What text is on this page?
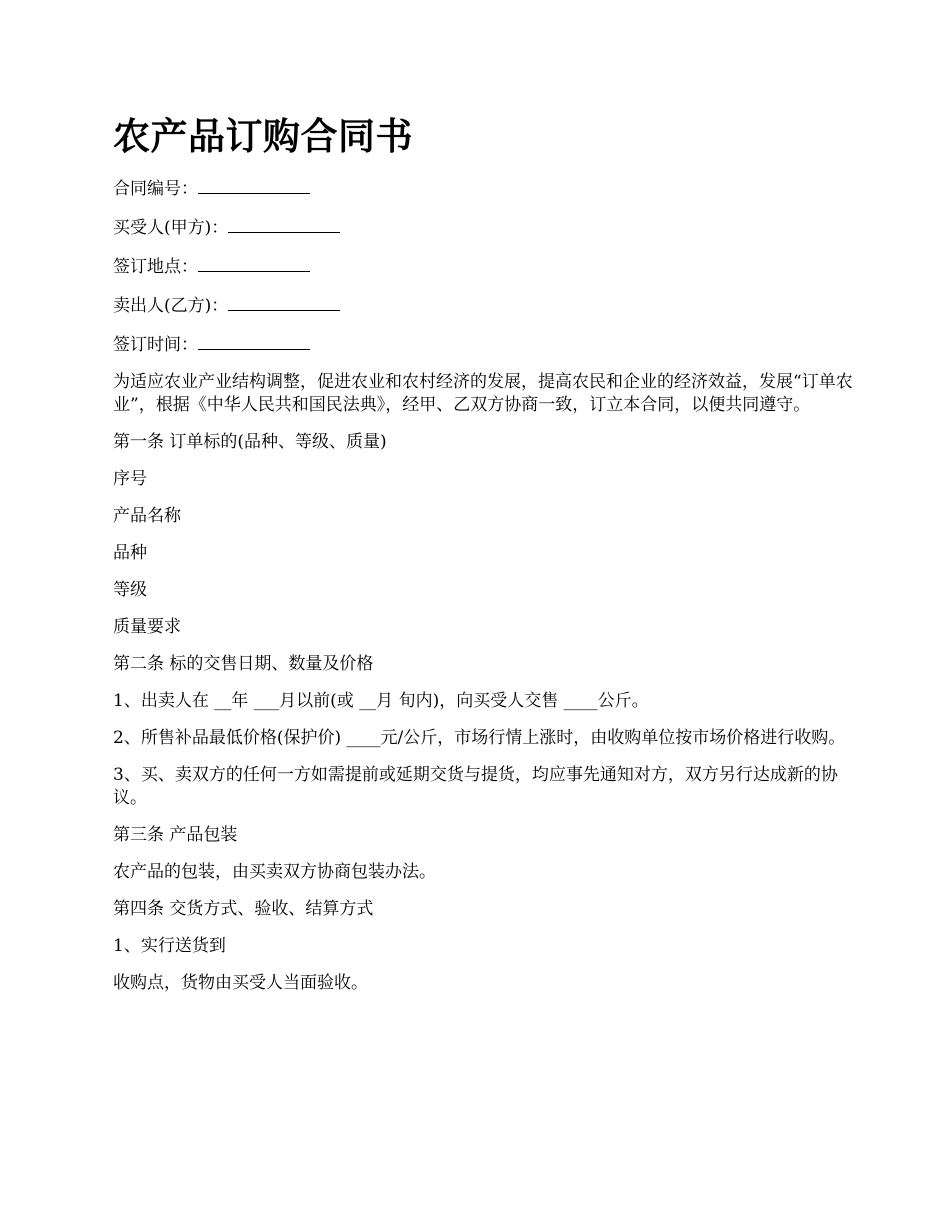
农产品订购合同书

合同编号：

买受人(甲方)：

签订地点：

卖出人(乙方)：

签订时间：

为适应农业产业结构调整，促进农业和农村经济的发展，提高农民和企业的经济效益，发展“订单农业”，根据《中华人民共和国民法典》，经甲、乙双方协商一致，订立本合同，以便共同遵守。

第一条 订单标的(品种、等级、质量)

序号

产品名称

品种

等级

质量要求

第二条 标的交售日期、数量及价格

1、出卖人在 __年 ___月以前(或 __月 旬内)，向买受人交售 ____公斤。

2、所售补品最低价格(保护价) ____元/公斤，市场行情上涨时，由收购单位按市场价格进行收购。

3、买、卖双方的任何一方如需提前或延期交货与提货，均应事先通知对方，双方另行达成新的协议。

第三条 产品包装

农产品的包装，由买卖双方协商包装办法。

第四条 交货方式、验收、结算方式

1、实行送货到

收购点，货物由买受人当面验收。
